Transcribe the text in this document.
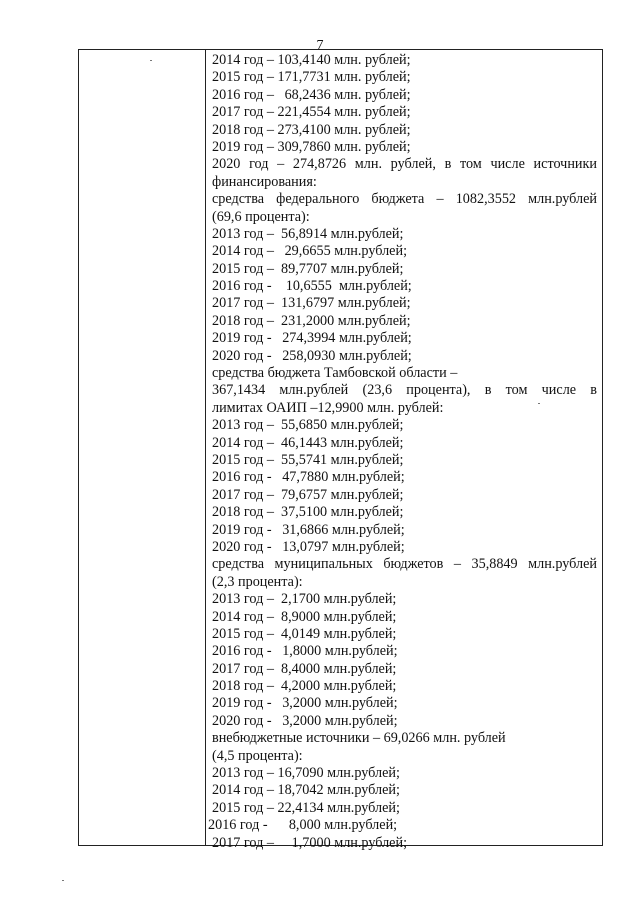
7
2014 год – 103,4140 млн. рублей;
2015 год – 171,7731 млн. рублей;
2016 год –   68,2436 млн. рублей;
2017 год – 221,4554 млн. рублей;
2018 год – 273,4100 млн. рублей;
2019 год – 309,7860 млн. рублей;
2020 год – 274,8726 млн. рублей, в том числе источники
финансирования:
средства федерального бюджета – 1082,3552 млн.рублей
(69,6 процента):
2013 год –  56,8914 млн.рублей;
2014 год –   29,6655 млн.рублей;
2015 год –  89,7707 млн.рублей;
2016 год -    10,6555  млн.рублей;
2017 год –  131,6797 млн.рублей;
2018 год –  231,2000 млн.рублей;
2019 год -   274,3994 млн.рублей;
2020 год -   258,0930 млн.рублей;
средства бюджета Тамбовской области –
367,1434 млн.рублей (23,6 процента), в том числе в
лимитах ОАИП –12,9900 млн. рублей:
2013 год –  55,6850 млн.рублей;
2014 год –  46,1443 млн.рублей;
2015 год –  55,5741 млн.рублей;
2016 год -   47,7880 млн.рублей;
2017 год –  79,6757 млн.рублей;
2018 год –  37,5100 млн.рублей;
2019 год -   31,6866 млн.рублей;
2020 год -   13,0797 млн.рублей;
средства муниципальных бюджетов – 35,8849 млн.рублей
(2,3 процента):
2013 год –  2,1700 млн.рублей;
2014 год –  8,9000 млн.рублей;
2015 год –  4,0149 млн.рублей;
2016 год -   1,8000 млн.рублей;
2017 год –  8,4000 млн.рублей;
2018 год –  4,2000 млн.рублей;
2019 год -   3,2000 млн.рублей;
2020 год -   3,2000 млн.рублей;
внебюджетные источники – 69,0266 млн. рублей
(4,5 процента):
2013 год – 16,7090 млн.рублей;
2014 год – 18,7042 млн.рублей;
2015 год – 22,4134 млн.рублей;
2016 год -      8,000 млн.рублей;
2017 год –     1,7000 млн.рублей;
